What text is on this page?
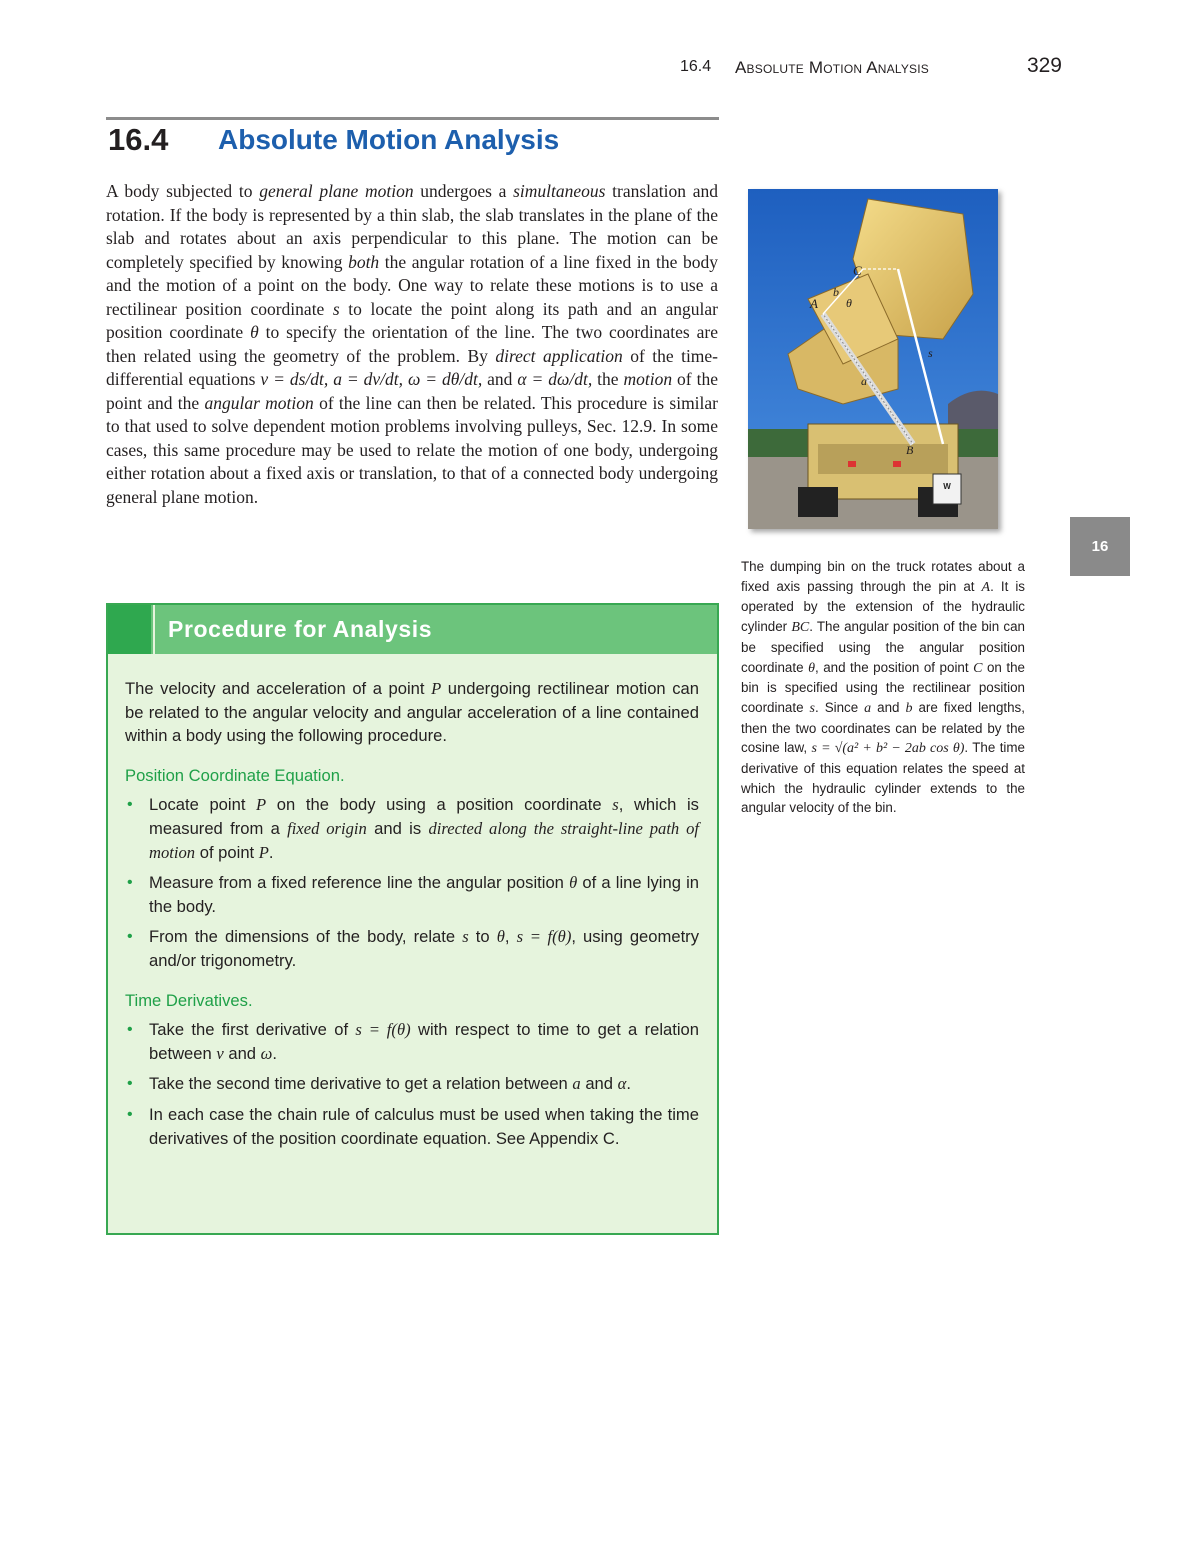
16.4 Absolute Motion Analysis	329
16.4 Absolute Motion Analysis

A body subjected to general plane motion undergoes a simultaneous translation and rotation. If the body is represented by a thin slab, the slab translates in the plane of the slab and rotates about an axis perpendicular to this plane. The motion can be completely specified by knowing both the angular rotation of a line fixed in the body and the motion of a point on the body. One way to relate these motions is to use a rectilinear position coordinate s to locate the point along its path and an angular position coordinate θ to specify the orientation of the line. The two coordinates are then related using the geometry of the problem. By direct application of the time-differential equations v = ds/dt, a = dv/dt, ω = dθ/dt, and α = dω/dt, the motion of the point and the angular motion of the line can then be related. This procedure is similar to that used to solve dependent motion problems involving pulleys, Sec. 12.9. In some cases, this same procedure may be used to relate the motion of one body, undergoing either rotation about a fixed axis or translation, to that of a connected body undergoing general plane motion.	W
C
A
b
θ
s
a
B
16

The dumping bin on the truck rotates about a fixed axis passing through the pin at A. It is operated by the extension of the hydraulic cylinder BC. The angular position of the bin can be specified using the angular position coordinate θ, and the position of point C on the bin is specified using the rectilinear position coordinate s. Since a and b are fixed lengths, then the two coordinates can be related by the cosine law, s = √(a² + b² − 2ab cos θ). The time derivative of this equation relates the speed at which the hydraulic cylinder extends to the angular velocity of the bin.

Procedure for Analysis

The velocity and acceleration of a point P undergoing rectilinear motion can be related to the angular velocity and angular acceleration of a line contained within a body using the following procedure.

Position Coordinate Equation.

• Locate point P on the body using a position coordinate s, which is measured from a fixed origin and is directed along the straight-line path of motion of point P.
• Measure from a fixed reference line the angular position θ of a line lying in the body.
• From the dimensions of the body, relate s to θ, s = f(θ), using geometry and/or trigonometry.

Time Derivatives.

• Take the first derivative of s = f(θ) with respect to time to get a relation between v and ω.
• Take the second time derivative to get a relation between a and α.
• In each case the chain rule of calculus must be used when taking the time derivatives of the position coordinate equation. See Appendix C.
